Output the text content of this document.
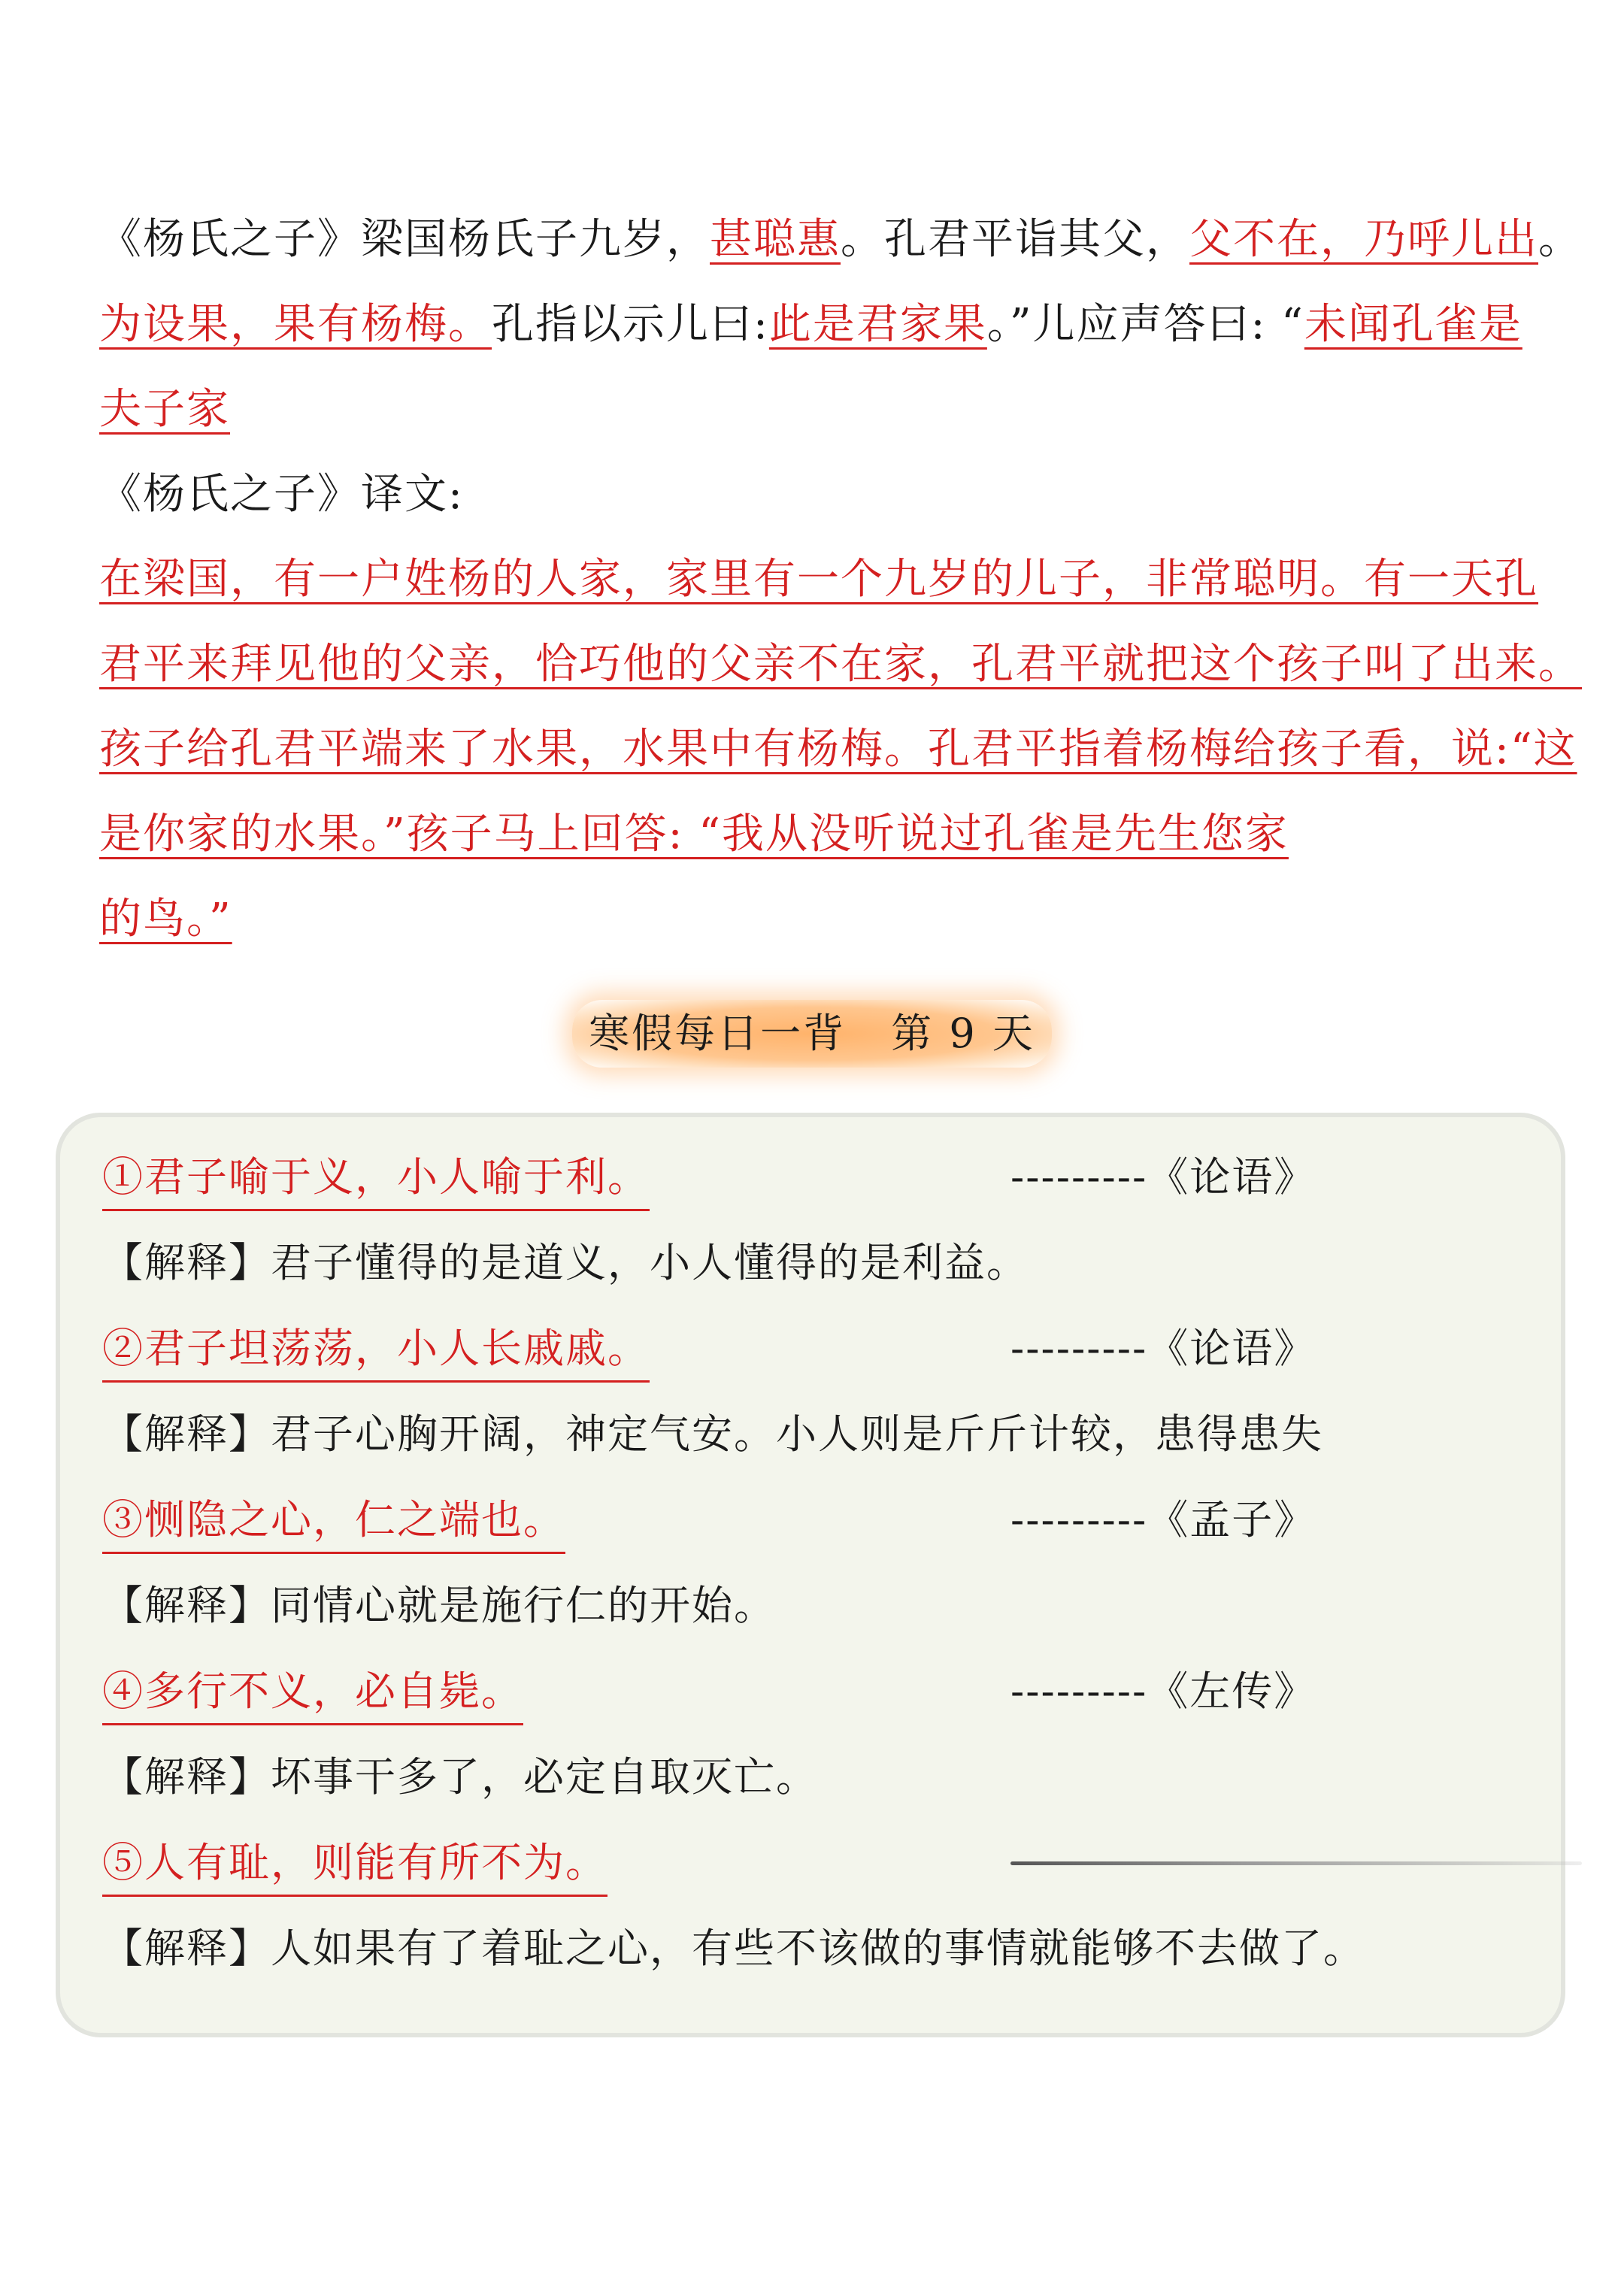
《杨氏之子》梁国杨氏子九岁，甚聪惠。孔君平诣其父，父不在，乃呼儿出。
为设果，果有杨梅。孔指以示儿曰:此是君家果。”儿应声答曰: “未闻孔雀是
夫子家
《杨氏之子》译文:
在梁国，有一户姓杨的人家，家里有一个九岁的儿子，非常聪明。有一天孔
君平来拜见他的父亲，恰巧他的父亲不在家，孔君平就把这个孩子叫了出来。
孩子给孔君平端来了水果，水果中有杨梅。孔君平指着杨梅给孩子看，说:“这
是你家的水果。”孩子马上回答: “我从没听说过孔雀是先生您家
的鸟。”
寒假每日一背 第 9 天
①君子喻于义，小人喻于利。	---------《论语》
【解释】君子懂得的是道义，小人懂得的是利益。
②君子坦荡荡，小人长戚戚。	---------《论语》
【解释】君子心胸开阔，神定气安。小人则是斤斤计较，患得患失
③恻隐之心，仁之端也。	---------《孟子》
【解释】同情心就是施行仁的开始。
④多行不义，必自毙。	---------《左传》
【解释】坏事干多了，必定自取灭亡。
⑤人有耻，则能有所不为。
【解释】人如果有了着耻之心，有些不该做的事情就能够不去做了。
